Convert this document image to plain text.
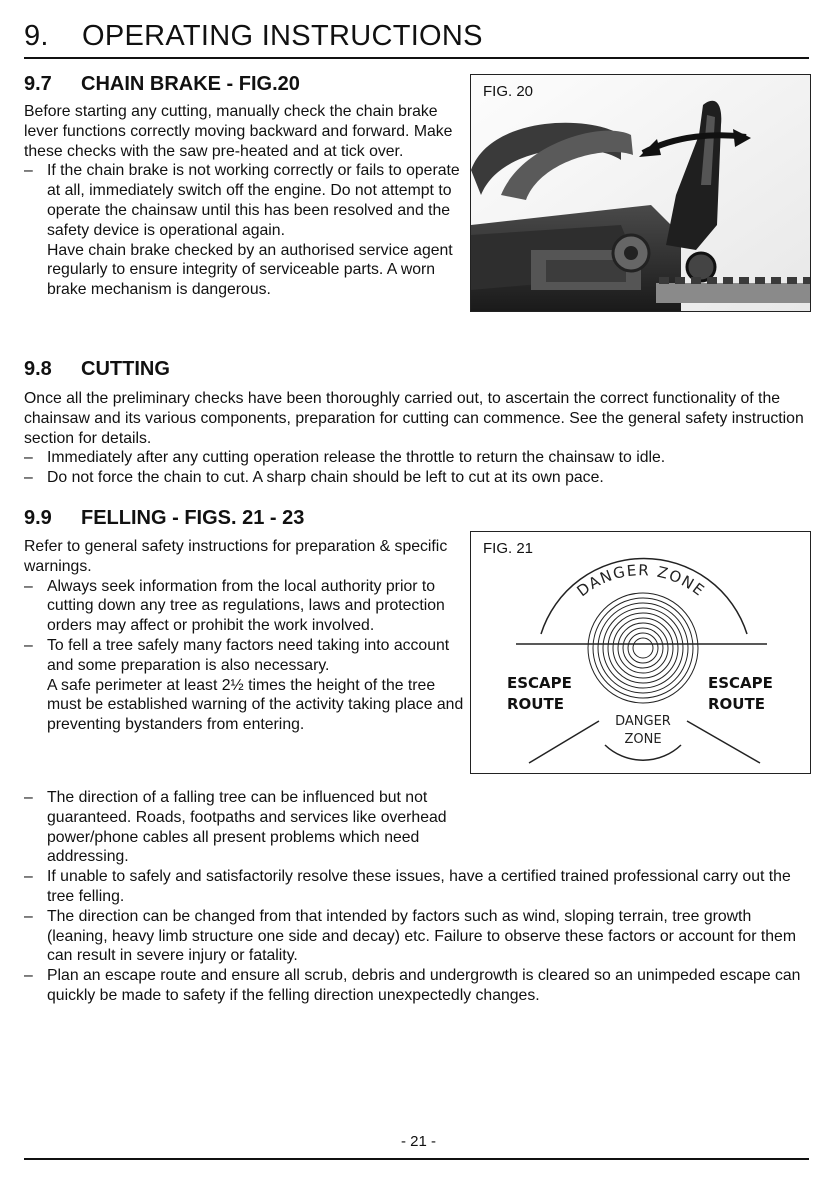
9. OPERATING INSTRUCTIONS
9.7 CHAIN BRAKE - FIG.20

Before starting any cutting, manually check the chain brake lever functions correctly moving backward and forward. Make these checks with the saw pre-heated and at tick over.

– If the chain brake is not working correctly or fails to operate at all, immediately switch off the engine. Do not attempt to operate the chainsaw until this has been resolved and the safety device is operational again.
Have chain brake checked by an authorised service agent regularly to ensure integrity of serviceable parts. A worn brake mechanism is dangerous.
FIG. 20
9.8 CUTTING

Once all the preliminary checks have been thoroughly carried out, to ascertain the correct functionality of the chainsaw and its various components, preparation for cutting can commence. See the general safety instruction section for details.

– Immediately after any cutting operation release the throttle to return the chainsaw to idle.
– Do not force the chain to cut. A sharp chain should be left to cut at its own pace.
9.9 FELLING - FIGS. 21 - 23

Refer to general safety instructions for preparation & specific warnings.

– Always seek information from the local authority prior to cutting down any tree as regulations, laws and protection orders may affect or prohibit the work involved.
– To fell a tree safely many factors need taking into account and some preparation is also necessary.
A safe perimeter at least 2½ times the height of the tree must be established warning of the activity taking place and preventing bystanders from entering.
– The direction of a falling tree can be influenced but not guaranteed. Roads, footpaths and services like overhead power/phone cables all present problems which need addressing.
– If unable to safely and satisfactorily resolve these issues, have a certified trained professional carry out the tree felling.
– The direction can be changed from that intended by factors such as wind, sloping terrain, tree growth (leaning, heavy limb structure one side and decay) etc. Failure to observe these factors or account for them can result in severe injury or fatality.
– Plan an escape route and ensure all scrub, debris and undergrowth is cleared so an unimpeded escape can quickly be made to safety if the felling direction unexpectedly changes.
FIG. 21
DANGER ZONE
ESCAPE
ROUTE
ESCAPE
ROUTE
DANGER
ZONE
- 21 -
